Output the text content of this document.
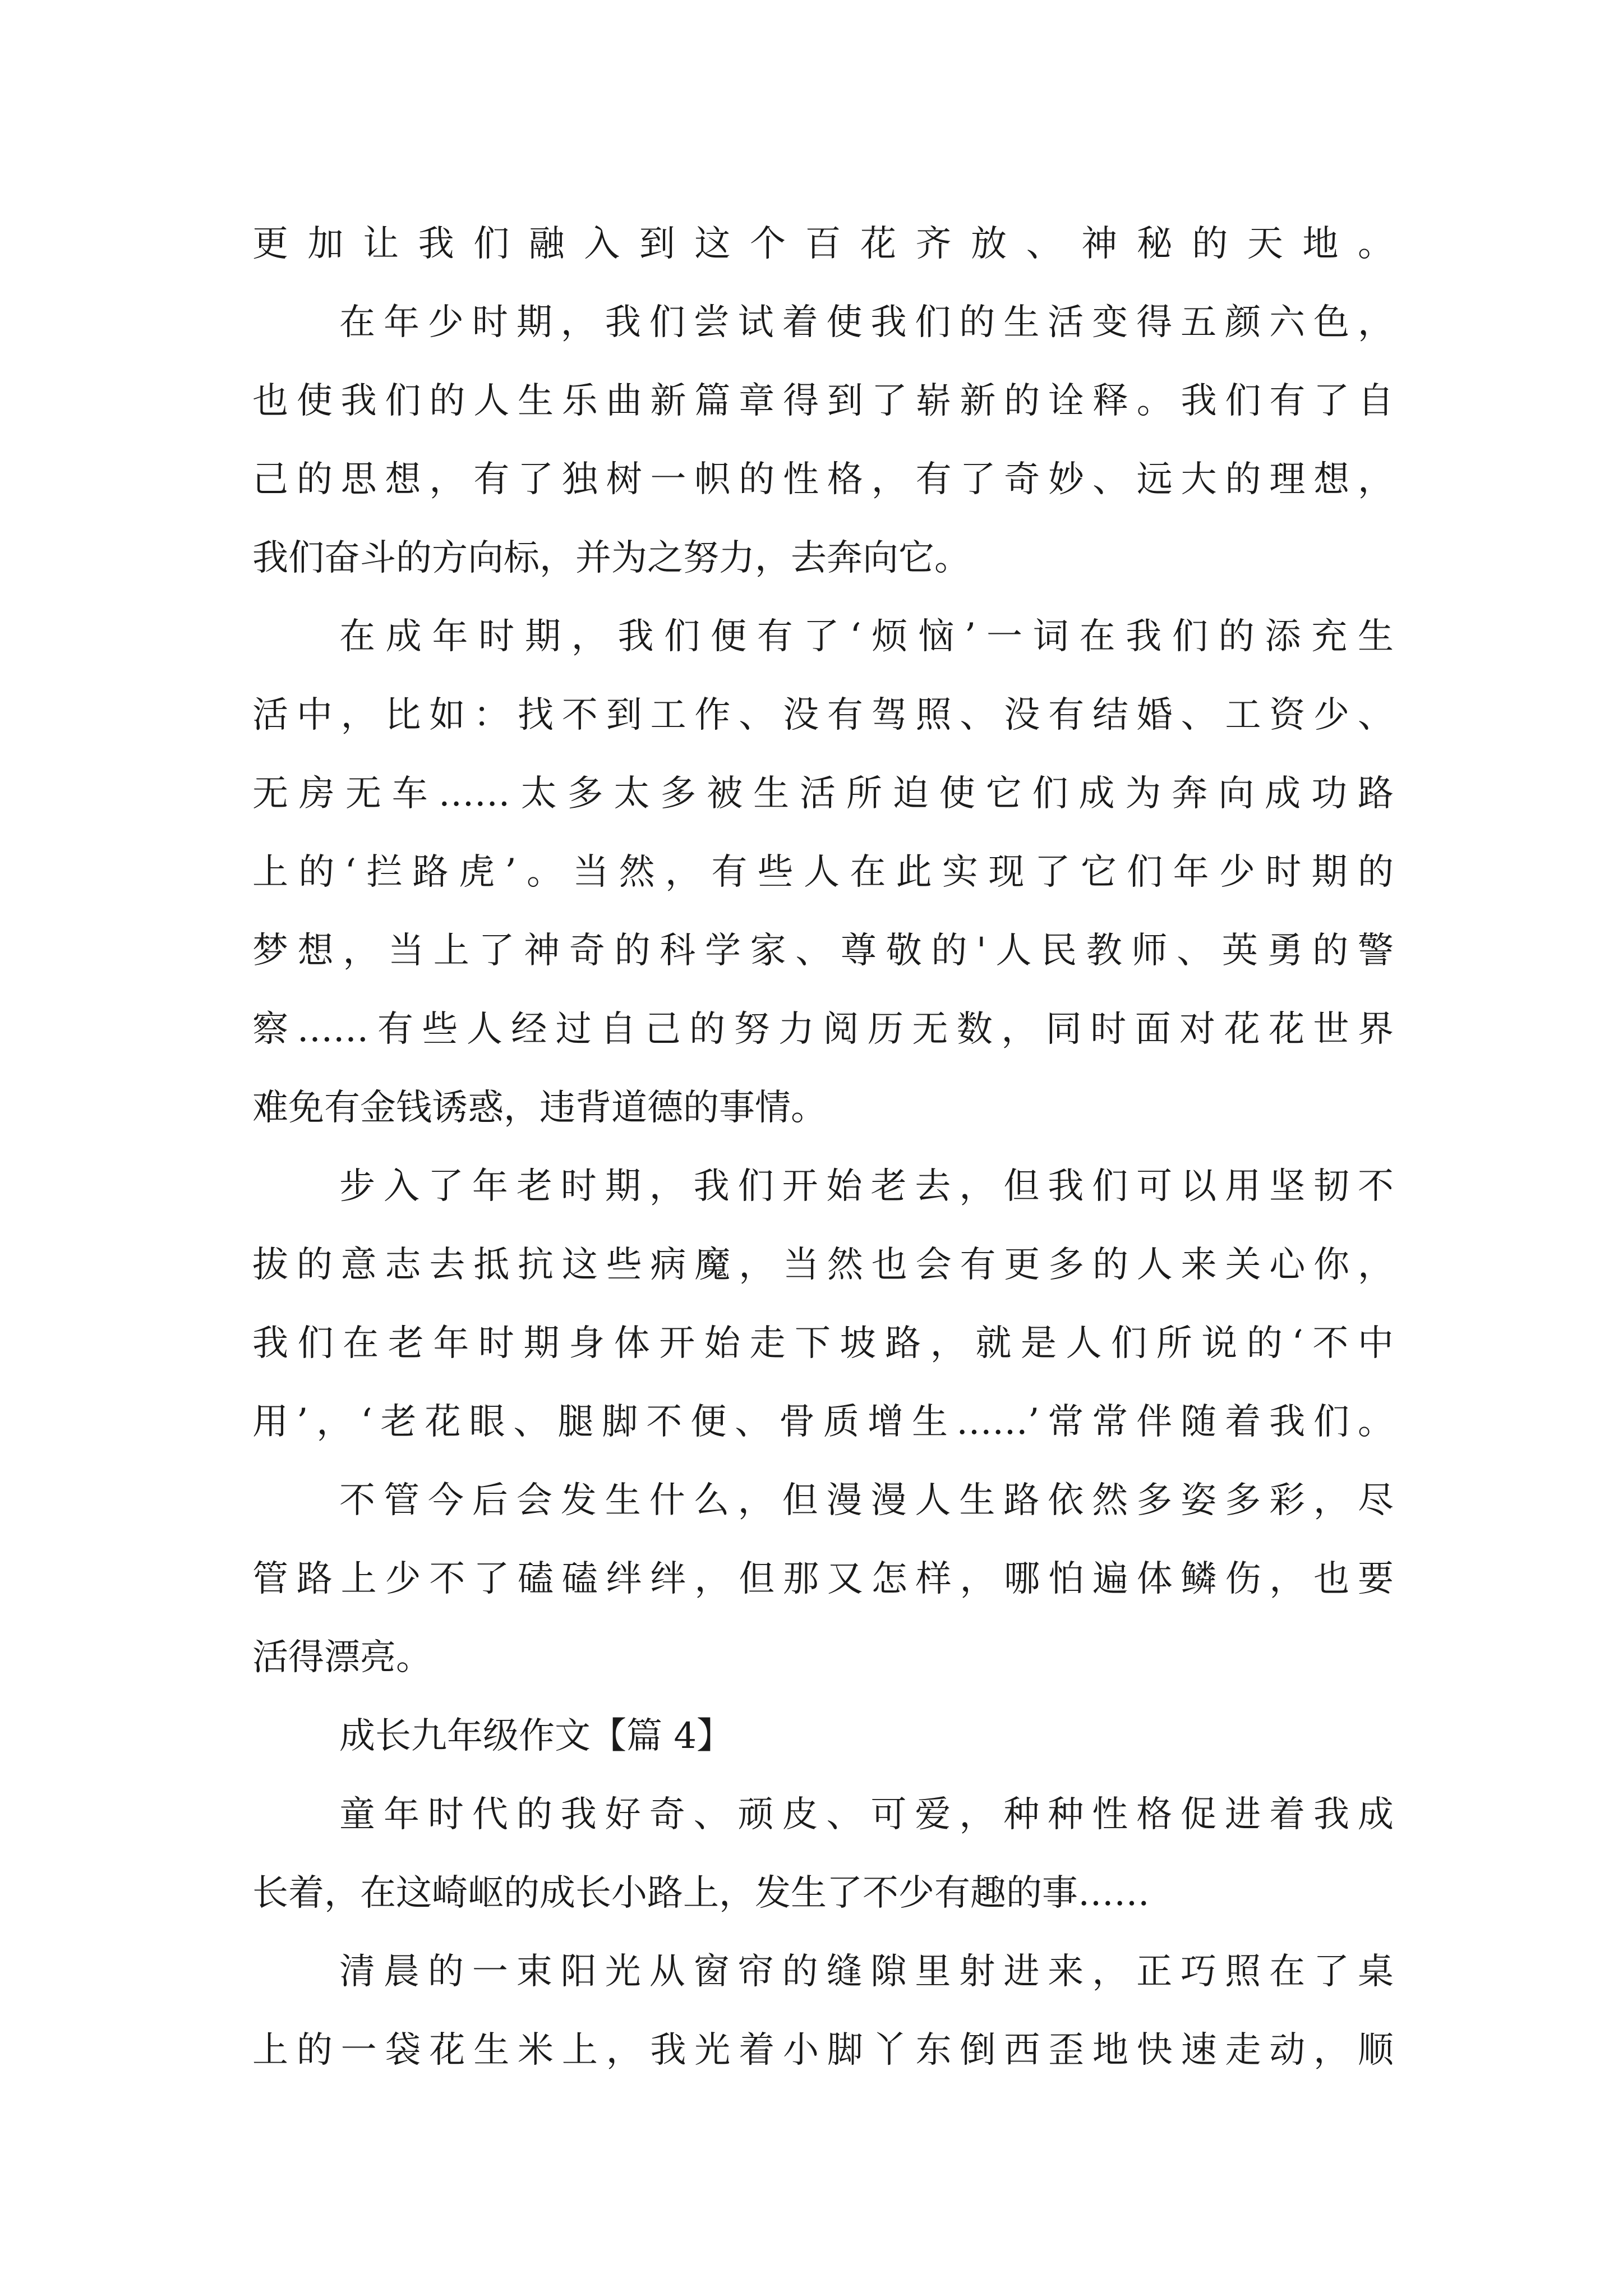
更加让我们融入到这个百花齐放、神秘的天地。
在年少时期，我们尝试着使我们的生活变得五颜六色，
也使我们的人生乐曲新篇章得到了崭新的诠释。我们有了自
己的思想，有了独树一帜的性格，有了奇妙、远大的理想，
我们奋斗的方向标，并为之努力，去奔向它。
在成年时期，我们便有了‘烦恼’一词在我们的添充生
活中，比如：找不到工作、没有驾照、没有结婚、工资少、
无房无车……太多太多被生活所迫使它们成为奔向成功路
上的‘拦路虎’。当然，有些人在此实现了它们年少时期的
梦想，当上了神奇的科学家、尊敬的'人民教师、英勇的警
察……有些人经过自己的努力阅历无数，同时面对花花世界
难免有金钱诱惑，违背道德的事情。
步入了年老时期，我们开始老去，但我们可以用坚韧不
拔的意志去抵抗这些病魔，当然也会有更多的人来关心你，
我们在老年时期身体开始走下坡路，就是人们所说的‘不中
用’，‘老花眼、腿脚不便、骨质增生……’常常伴随着我们。
不管今后会发生什么，但漫漫人生路依然多姿多彩，尽
管路上少不了磕磕绊绊，但那又怎样，哪怕遍体鳞伤，也要
活得漂亮。
成长九年级作文【篇 4】
童年时代的我好奇、顽皮、可爱，种种性格促进着我成
长着，在这崎岖的成长小路上，发生了不少有趣的事……
清晨的一束阳光从窗帘的缝隙里射进来，正巧照在了桌
上的一袋花生米上，我光着小脚丫东倒西歪地快速走动，顺
